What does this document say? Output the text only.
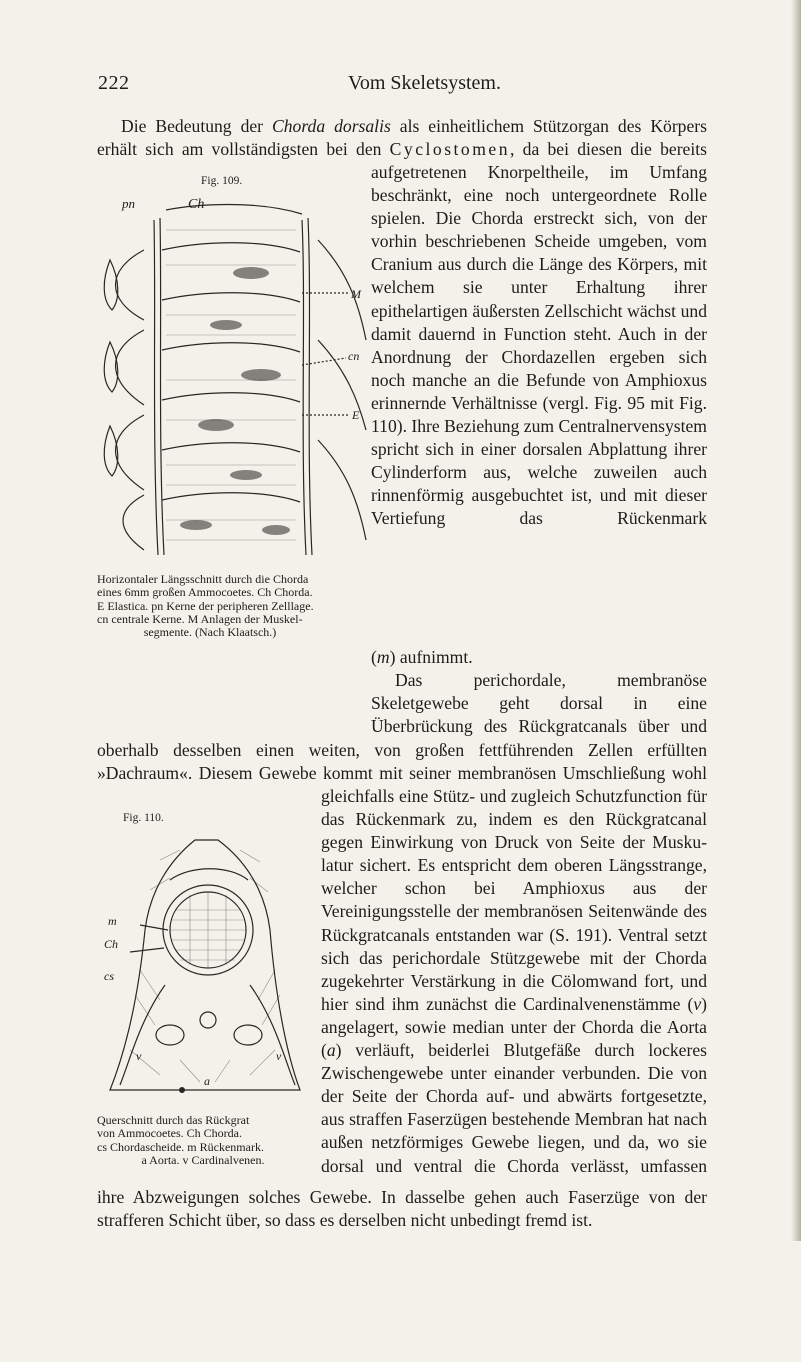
222	Vom Skeletsystem.

Die Bedeutung der Chorda dorsalis als einheitlichem Stützorgan des Körpers

erhält sich am vollständigsten bei den Cyclostomen, da bei diesen die bereits

aufgetretenen Knorpeltheile, im Umfang beschränkt, eine noch untergeordnete Rolle spielen. Die Chorda erstreckt sich, von der vorhin beschriebenen Scheide umgeben, vom Cranium aus durch die Länge des Körpers, mit welchem sie unter Erhaltung ihrer epithelartigen äußersten Zellschicht wächst und damit dauernd in Function steht. Auch in der Anordnung der Chordazellen ergeben sich noch manche an die Befunde von Amphioxus erinnernde Verhältnisse (vergl. Fig. 95 mit Fig. 110). Ihre Beziehung zum Centralnervensystem spricht sich in einer dorsalen Abplattung ihrer Cylinderform aus, welche zuweilen auch rinnenförmig ausgebuchtet ist, und mit dieser Vertiefung das Rückenmark

(m) aufnimmt.

Das perichordale, membranöse Skeletgewebe geht dorsal in eine Überbrückung des Rückgratcanals über und

oberhalb desselben einen weiten, von großen fettführenden Zellen erfüllten »Dachraum«. Diesem Gewebe kommt mit seiner membranösen Umschließung wohl

gleichfalls eine Stütz- und zugleich Schutzfunction für das Rückenmark zu, indem es den Rückgratcanal gegen Einwirkung von Druck von Seite der Muskulatur sichert. Es entspricht dem oberen Längsstrange, welcher schon bei Amphioxus aus der Vereinigungsstelle der membranösen Seitenwände des Rückgratcanals entstanden war (S. 191). Ventral setzt sich das perichordale Stützgewebe mit der Chorda zugekehrter Verstärkung in die Cölomwand fort, und hier sind ihm zunächst die Cardinalvenenstämme (v) angelagert, sowie median unter der Chorda die Aorta (a) verläuft, beiderlei Blutgefäße durch lockeres Zwischengewebe unter einander verbunden. Die von der Seite der Chorda auf- und abwärts fortgesetzte, aus straffen Faserzügen bestehende Membran hat nach außen netzförmiges Gewebe liegen, und da, wo sie dorsal und ventral die Chorda verlässt, umfassen

ihre Abzweigungen solches Gewebe. In dasselbe gehen auch Faserzüge von der strafferen Schicht über, so dass es derselben nicht unbedingt fremd ist.

Fig. 109.
pn	Ch
M
cn
E
Horizontaler Längsschnitt durch die Chorda
eines 6mm großen Ammocoetes. Ch Chorda.
E Elastica. pn Kerne der peripheren Zelllage.
cn centrale Kerne. M Anlagen der Muskel-
segmente. (Nach Klaatsch.)
Fig. 110.
m
Ch
cs
v	v
a
Querschnitt durch das Rückgrat
von Ammocoetes. Ch Chorda.
cs Chordascheide. m Rückenmark.
a Aorta. v Cardinalvenen.
